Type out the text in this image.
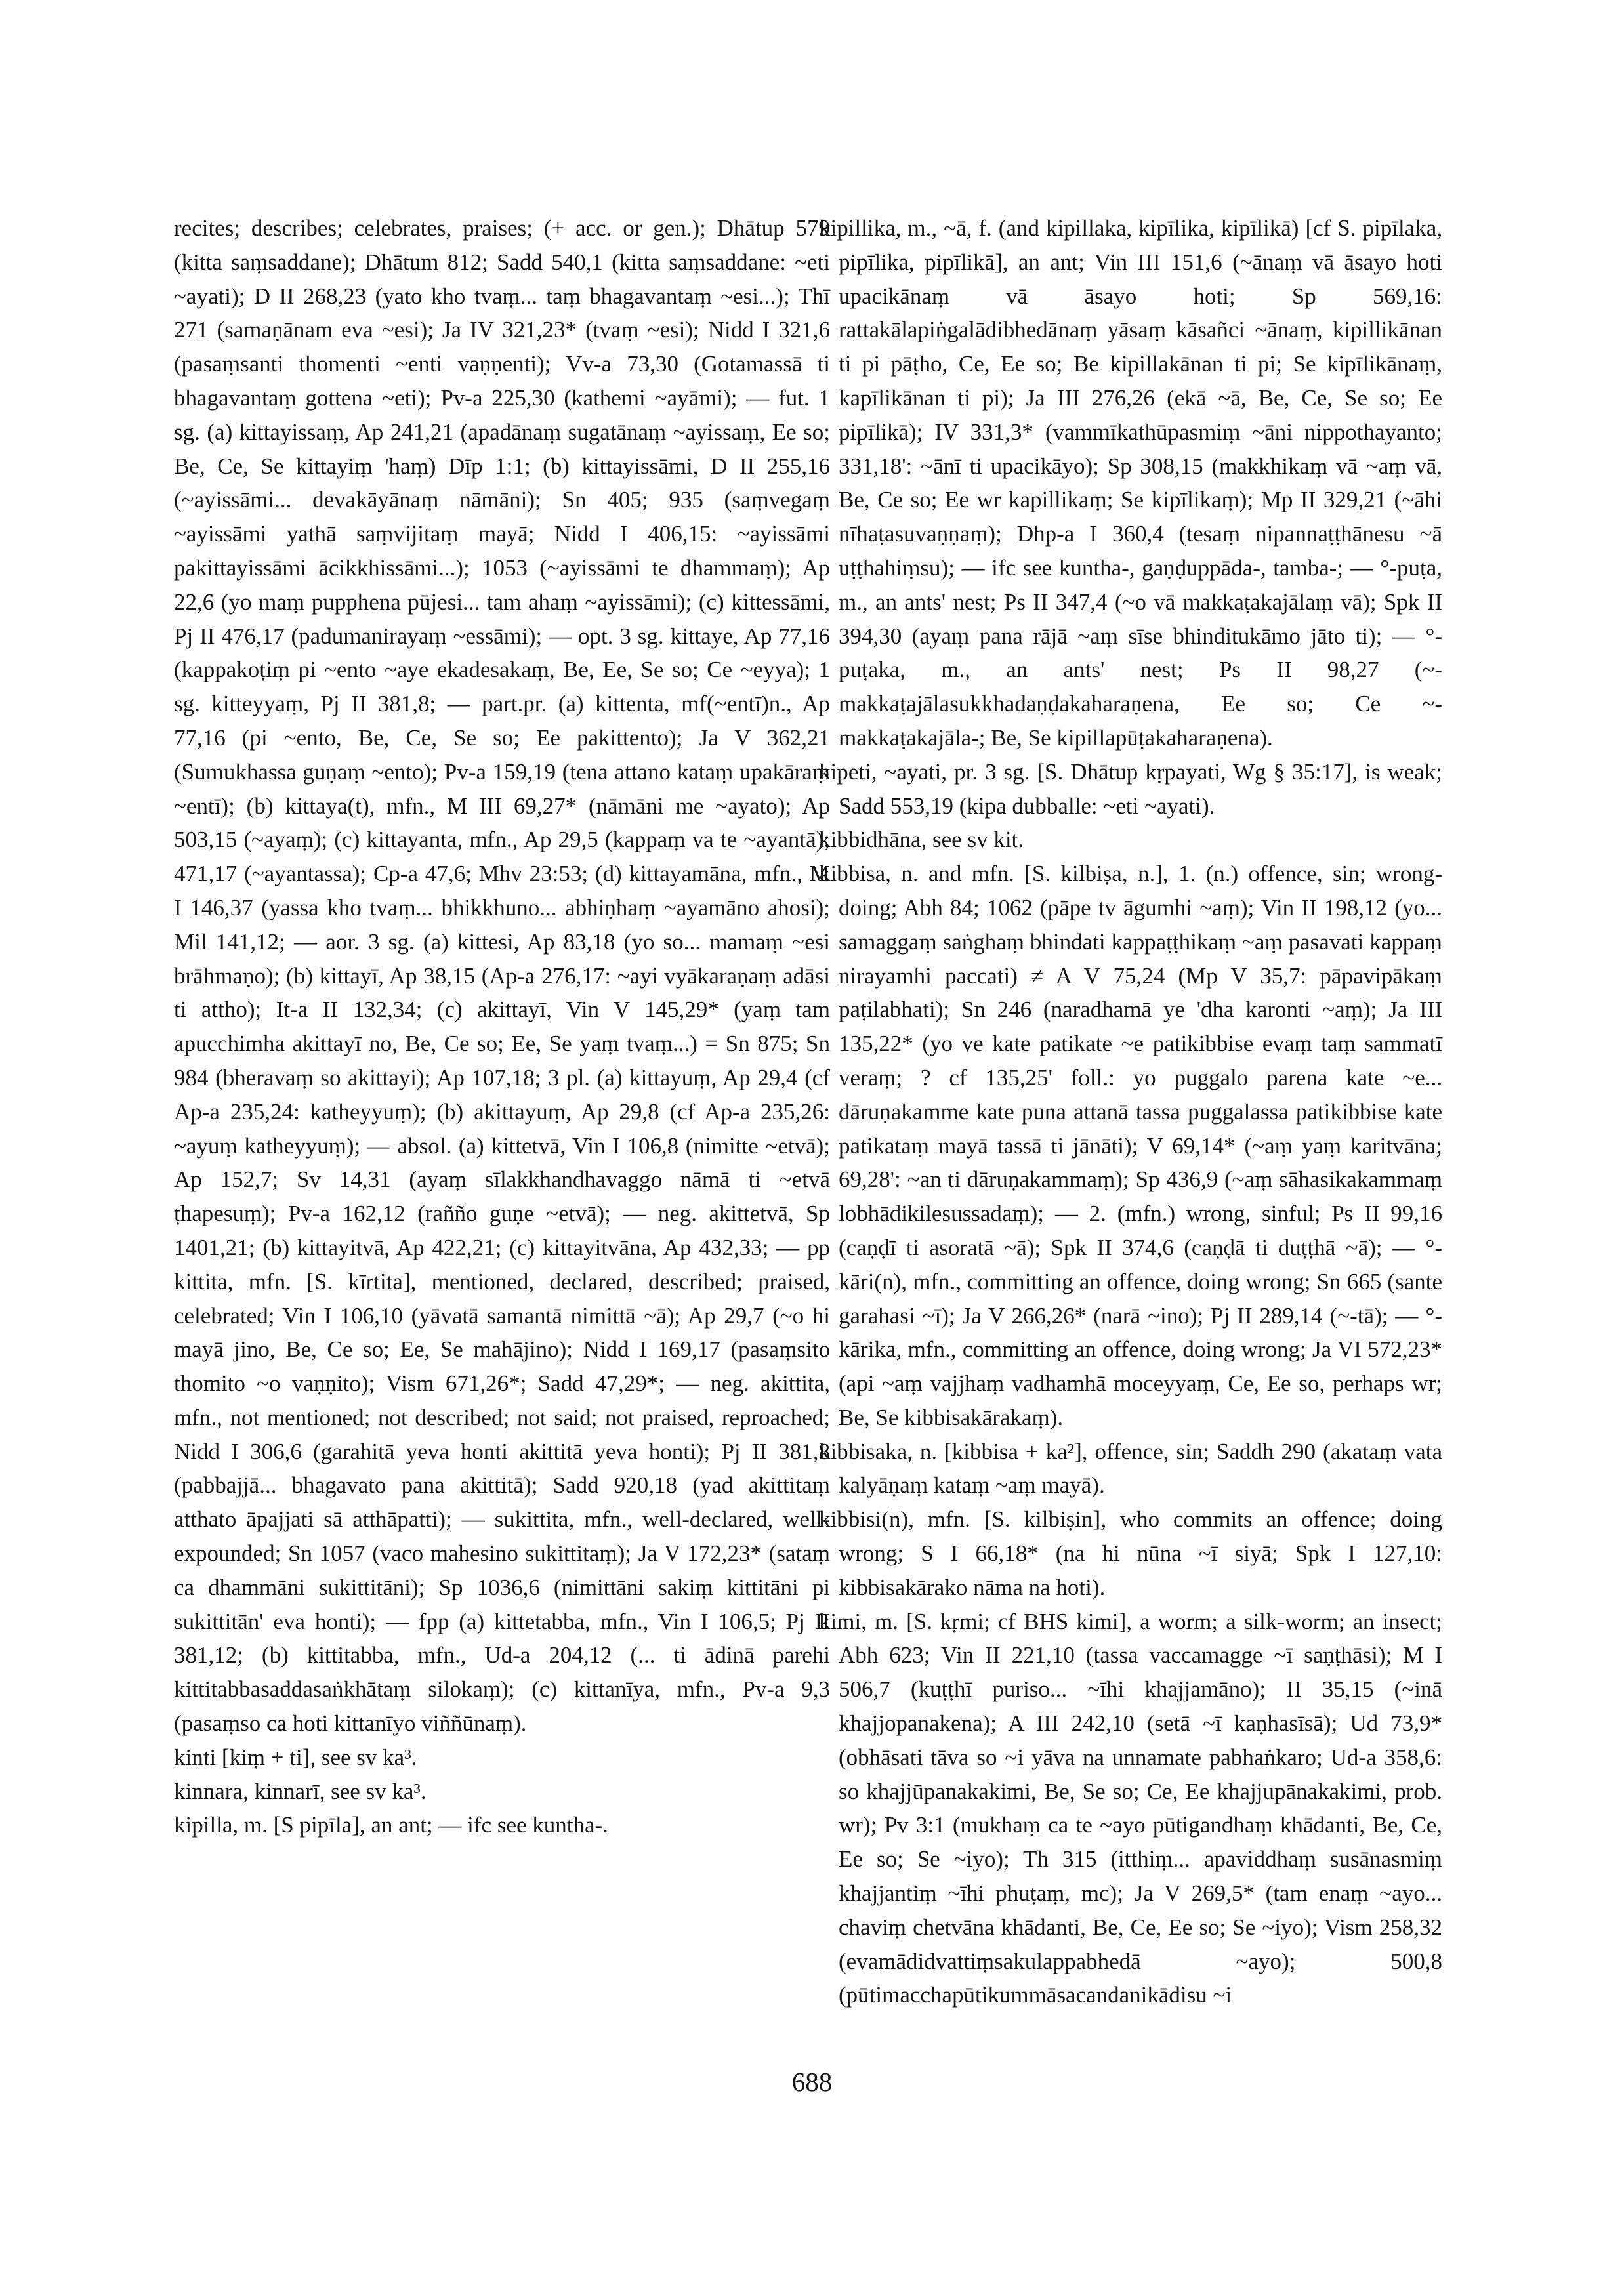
recites; describes; celebrates, praises; (+ acc. or gen.); Dhātup 579 (kitta saṃsaddane); Dhātum 812; Sadd 540,1 (kitta saṃsaddane: ~eti ~ayati); D II 268,23 (yato kho tvaṃ... taṃ bhagavantaṃ ~esi...); Thī 271 (samaṇānam eva ~esi); Ja IV 321,23* (tvaṃ ~esi); Nidd I 321,6 (pasaṃsanti thomenti ~enti vaṇṇenti); Vv-a 73,30 (Gotamassā ti bhagavantaṃ gottena ~eti); Pv-a 225,30 (kathemi ~ayāmi); — fut. 1 sg. (a) kittayissaṃ, Ap 241,21 (apadānaṃ sugatānaṃ ~ayissaṃ, Ee so; Be, Ce, Se kittayiṃ 'haṃ) Dīp 1:1; (b) kittayissāmi, D II 255,16 (~ayissāmi... devakāyānaṃ nāmāni); Sn 405; 935 (saṃvegaṃ ~ayissāmi yathā saṃvijitaṃ mayā; Nidd I 406,15: ~ayissāmi pakittayissāmi ācikkhissāmi...); 1053 (~ayissāmi te dhammaṃ); Ap 22,6 (yo maṃ pupphena pūjesi... tam ahaṃ ~ayissāmi); (c) kittessāmi, Pj II 476,17 (padumanirayaṃ ~essāmi); — opt. 3 sg. kittaye, Ap 77,16 (kappakoṭiṃ pi ~ento ~aye ekadesakaṃ, Be, Ee, Se so; Ce ~eyya); 1 sg. kitteyyaṃ, Pj II 381,8; — part.pr. (a) kittenta, mf(~entī)n., Ap 77,16 (pi ~ento, Be, Ce, Se so; Ee pakittento); Ja V 362,21 (Sumukhassa guṇaṃ ~ento); Pv-a 159,19 (tena attano kataṃ upakāraṃ ~entī); (b) kittaya(t), mfn., M III 69,27* (nāmāni me ~ayato); Ap 503,15 (~ayaṃ); (c) kittayanta, mfn., Ap 29,5 (kappaṃ va te ~ayantā); 471,17 (~ayantassa); Cp-a 47,6; Mhv 23:53; (d) kittayamāna, mfn., M I 146,37 (yassa kho tvaṃ... bhikkhuno... abhiṇhaṃ ~ayamāno ahosi); Mil 141,12; — aor. 3 sg. (a) kittesi, Ap 83,18 (yo so... mamaṃ ~esi brāhmaṇo); (b) kittayī, Ap 38,15 (Ap-a 276,17: ~ayi vyākaraṇaṃ adāsi ti attho); It-a II 132,34; (c) akittayī, Vin V 145,29* (yaṃ tam apucchimha akittayī no, Be, Ce so; Ee, Se yaṃ tvaṃ...) = Sn 875; Sn 984 (bheravaṃ so akittayi); Ap 107,18; 3 pl. (a) kittayuṃ, Ap 29,4 (cf Ap-a 235,24: katheyyuṃ); (b) akittayuṃ, Ap 29,8 (cf Ap-a 235,26: ~ayuṃ katheyyuṃ); — absol. (a) kittetvā, Vin I 106,8 (nimitte ~etvā); Ap 152,7; Sv 14,31 (ayaṃ sīlakkhandhavaggo nāmā ti ~etvā ṭhapesuṃ); Pv-a 162,12 (rañño guṇe ~etvā); — neg. akittetvā, Sp 1401,21; (b) kittayitvā, Ap 422,21; (c) kittayitvāna, Ap 432,33; — pp kittita, mfn. [S. kīrtita], mentioned, declared, described; praised, celebrated; Vin I 106,10 (yāvatā samantā nimittā ~ā); Ap 29,7 (~o hi mayā jino, Be, Ce so; Ee, Se mahājino); Nidd I 169,17 (pasaṃsito thomito ~o vaṇṇito); Vism 671,26*; Sadd 47,29*; — neg. akittita, mfn., not mentioned; not described; not said; not praised, reproached; Nidd I 306,6 (garahitā yeva honti akittitā yeva honti); Pj II 381,8 (pabbajjā... bhagavato pana akittitā); Sadd 920,18 (yad akittitaṃ atthato āpajjati sā atthāpatti); — sukittita, mfn., well-declared, well-expounded; Sn 1057 (vaco mahesino sukittitaṃ); Ja V 172,23* (sataṃ ca dhammāni sukittitāni); Sp 1036,6 (nimittāni sakiṃ kittitāni pi sukittitān' eva honti); — fpp (a) kittetabba, mfn., Vin I 106,5; Pj II 381,12; (b) kittitabba, mfn., Ud-a 204,12 (... ti ādinā parehi kittitabbasaddasaṅkhātaṃ silokaṃ); (c) kittanīya, mfn., Pv-a 9,3 (pasaṃso ca hoti kittanīyo viññūnaṃ).

kinti [kiṃ + ti], see sv ka³.

kinnara, kinnarī, see sv ka³.

kipilla, m. [S pipīla], an ant; — ifc see kuntha-.

kipillika, m., ~ā, f. (and kipillaka, kipīlika, kipīlikā) [cf S. pipīlaka, pipīlika, pipīlikā], an ant; Vin III 151,6 (~ānaṃ vā āsayo hoti upacikānaṃ vā āsayo hoti; Sp 569,16: rattakālapiṅgalādibhedānaṃ yāsaṃ kāsañci ~ānaṃ, kipillikānan ti pi pāṭho, Ce, Ee so; Be kipillakānan ti pi; Se kipīlikānaṃ, kapīlikānan ti pi); Ja III 276,26 (ekā ~ā, Be, Ce, Se so; Ee pipīlikā); IV 331,3* (vammīkathūpasmiṃ ~āni nippothayanto; 331,18': ~ānī ti upacikāyo); Sp 308,15 (makkhikaṃ vā ~aṃ vā, Be, Ce so; Ee wr kapillikaṃ; Se kipīlikaṃ); Mp II 329,21 (~āhi nīhaṭasuvaṇṇaṃ); Dhp-a I 360,4 (tesaṃ nipannaṭṭhānesu ~ā uṭṭhahiṃsu); — ifc see kuntha-, gaṇḍuppāda-, tamba-; — °-puṭa, m., an ants' nest; Ps II 347,4 (~o vā makkaṭakajālaṃ vā); Spk II 394,30 (ayaṃ pana rājā ~aṃ sīse bhinditukāmo jāto ti); — °-puṭaka, m., an ants' nest; Ps II 98,27 (~-makkaṭajālasukkhadaṇḍakaharaṇena, Ee so; Ce ~-makkaṭakajāla-; Be, Se kipillapūṭakaharaṇena).

kipeti, ~ayati, pr. 3 sg. [S. Dhātup kṛpayati, Wg § 35:17], is weak; Sadd 553,19 (kipa dubballe: ~eti ~ayati).

kibbidhāna, see sv kit.

kibbisa, n. and mfn. [S. kilbiṣa, n.], 1. (n.) offence, sin; wrong-doing; Abh 84; 1062 (pāpe tv āgumhi ~aṃ); Vin II 198,12 (yo... samaggaṃ saṅghaṃ bhindati kappaṭṭhikaṃ ~aṃ pasavati kappaṃ nirayamhi paccati) ≠ A V 75,24 (Mp V 35,7: pāpavipākaṃ paṭilabhati); Sn 246 (naradhamā ye 'dha karonti ~aṃ); Ja III 135,22* (yo ve kate patikate ~e patikibbise evaṃ taṃ sammatī veraṃ; ? cf 135,25' foll.: yo puggalo parena kate ~e... dāruṇakamme kate puna attanā tassa puggalassa patikibbise kate patikataṃ mayā tassā ti jānāti); V 69,14* (~aṃ yaṃ karitvāna; 69,28': ~an ti dāruṇakammaṃ); Sp 436,9 (~aṃ sāhasikakammaṃ lobhādikilesussadaṃ); — 2. (mfn.) wrong, sinful; Ps II 99,16 (caṇḍī ti asoratā ~ā); Spk II 374,6 (caṇḍā ti duṭṭhā ~ā); — °-kāri(n), mfn., committing an offence, doing wrong; Sn 665 (sante garahasi ~ī); Ja V 266,26* (narā ~ino); Pj II 289,14 (~-tā); — °-kārika, mfn., committing an offence, doing wrong; Ja VI 572,23* (api ~aṃ vajjhaṃ vadhamhā moceyyaṃ, Ce, Ee so, perhaps wr; Be, Se kibbisakārakaṃ).

kibbisaka, n. [kibbisa + ka²], offence, sin; Saddh 290 (akataṃ vata kalyāṇaṃ kataṃ ~aṃ mayā).

kibbisi(n), mfn. [S. kilbiṣin], who commits an offence; doing wrong; S I 66,18* (na hi nūna ~ī siyā; Spk I 127,10: kibbisakārako nāma na hoti).

kimi, m. [S. kṛmi; cf BHS kimi], a worm; a silk-worm; an insect; Abh 623; Vin II 221,10 (tassa vaccamagge ~ī saṇṭhāsi); M I 506,7 (kuṭṭhī puriso... ~īhi khajjamāno); II 35,15 (~inā khajjopanakena); A III 242,10 (setā ~ī kaṇhasīsā); Ud 73,9* (obhāsati tāva so ~i yāva na unnamate pabhaṅkaro; Ud-a 358,6: so khajjūpanakakimi, Be, Se so; Ce, Ee khajjupānakakimi, prob. wr); Pv 3:1 (mukhaṃ ca te ~ayo pūtigandhaṃ khādanti, Be, Ce, Ee so; Se ~iyo); Th 315 (itthiṃ... apaviddhaṃ susānasmiṃ khajjantiṃ ~īhi phuṭaṃ, mc); Ja V 269,5* (tam enaṃ ~ayo... chaviṃ chetvāna khādanti, Be, Ce, Ee so; Se ~iyo); Vism 258,32 (evamādidvattiṃsakulappabhedā ~ayo); 500,8 (pūtimacchapūtikummāsacandanikādisu ~i

688
